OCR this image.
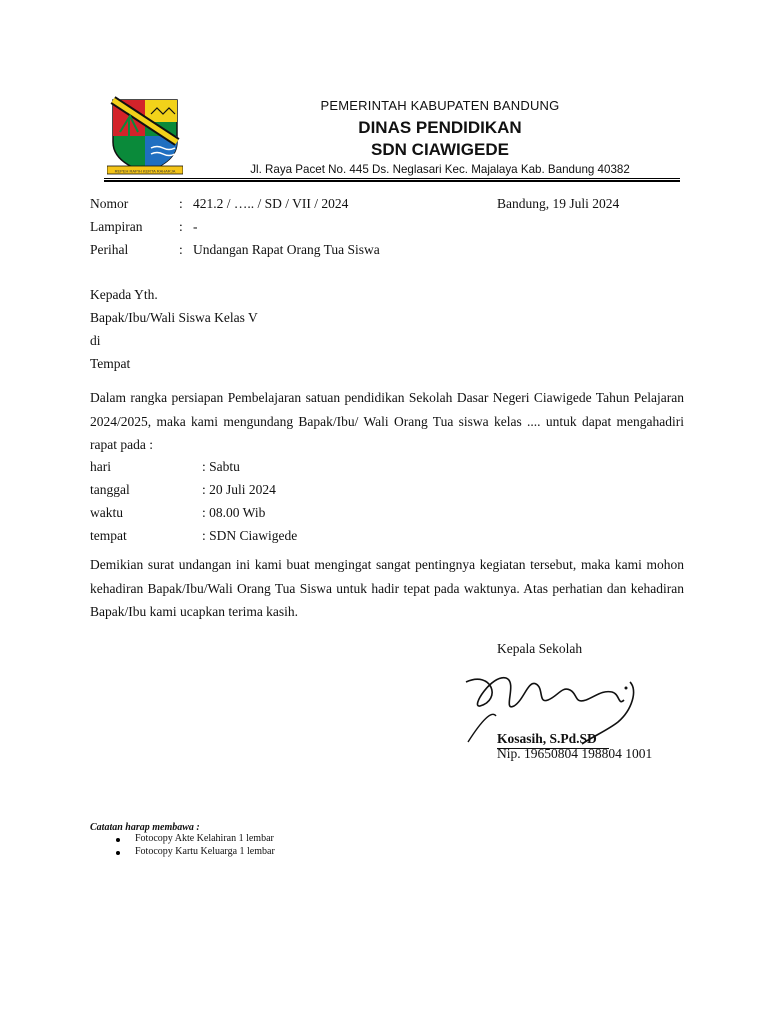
REPEH RAPIH KERTA RAHARJA
PEMERINTAH KABUPATEN BANDUNG
DINAS PENDIDIKAN
SDN CIAWIGEDE
Jl. Raya Pacet No. 445 Ds. Neglasari Kec. Majalaya Kab. Bandung 40382
Nomor	: 421.2 / ….. / SD / VII / 2024	Bandung, 19 Juli 2024
Lampiran	: -
Perihal	: Undangan Rapat Orang Tua Siswa
Kepada Yth.
Bapak/Ibu/Wali Siswa Kelas V
di
Tempat
Dalam rangka persiapan Pembelajaran satuan pendidikan Sekolah Dasar Negeri Ciawigede Tahun Pelajaran 2024/2025, maka kami mengundang Bapak/Ibu/ Wali Orang Tua siswa kelas .... untuk dapat mengahadiri rapat pada :
hari	: Sabtu
tanggal	: 20 Juli 2024
waktu	: 08.00 Wib
tempat	: SDN Ciawigede
Demikian surat undangan ini kami buat mengingat sangat pentingnya kegiatan tersebut, maka kami mohon kehadiran Bapak/Ibu/Wali Orang Tua Siswa untuk hadir tepat pada waktunya. Atas perhatian dan kehadiran Bapak/Ibu kami ucapkan terima kasih.
Kepala Sekolah
Kosasih, S.Pd.SD
Nip. 19650804 198804 1001
Catatan harap membawa :
Fotocopy Akte Kelahiran 1 lembar
Fotocopy Kartu Keluarga 1 lembar
